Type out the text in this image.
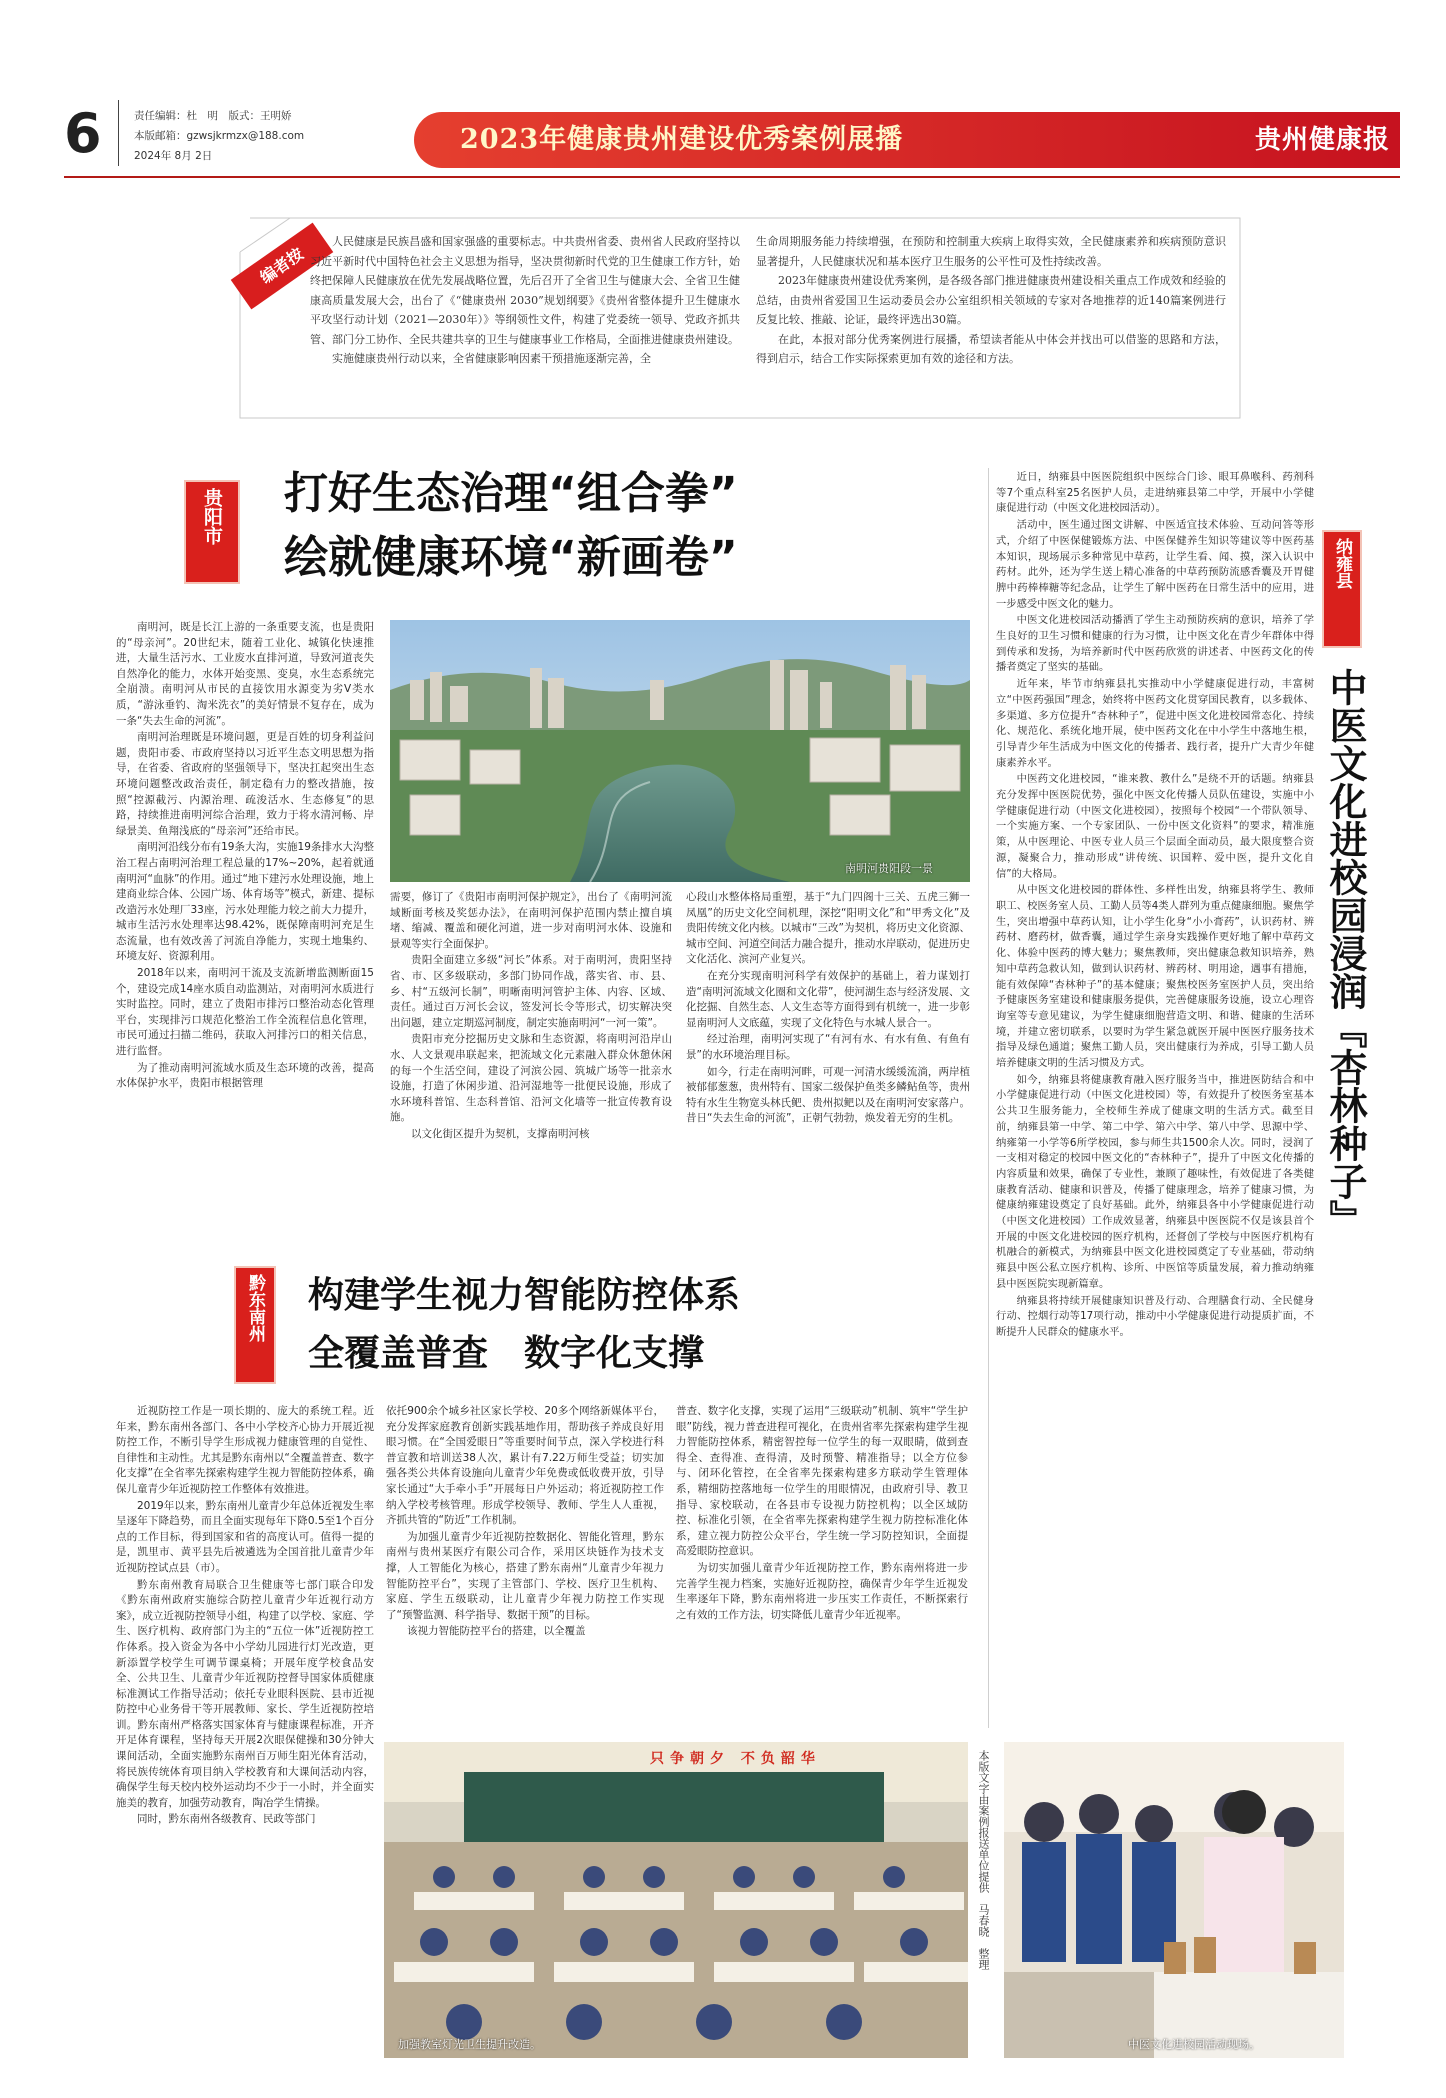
6	责任编辑：杜　明　版式：王明娇
本版邮箱：gzwsjkrmzx@188.com
2024年 8月 2日
2023年健康贵州建设优秀案例展播	贵州健康报
编者按

人民健康是民族昌盛和国家强盛的重要标志。中共贵州省委、贵州省人民政府坚持以习近平新时代中国特色社会主义思想为指导，坚决贯彻新时代党的卫生健康工作方针，始终把保障人民健康放在优先发展战略位置，先后召开了全省卫生与健康大会、全省卫生健康高质量发展大会，出台了《“健康贵州 2030”规划纲要》《贵州省整体提升卫生健康水平攻坚行动计划（2021—2030年）》等纲领性文件，构建了党委统一领导、党政齐抓共管、部门分工协作、全民共建共享的卫生与健康事业工作格局，全面推进健康贵州建设。

实施健康贵州行动以来，全省健康影响因素干预措施逐渐完善，全

生命周期服务能力持续增强，在预防和控制重大疾病上取得实效，全民健康素养和疾病预防意识显著提升，人民健康状况和基本医疗卫生服务的公平性可及性持续改善。

2023年健康贵州建设优秀案例，是各级各部门推进健康贵州建设相关重点工作成效和经验的总结，由贵州省爱国卫生运动委员会办公室组织相关领域的专家对各地推荐的近140篇案例进行反复比较、推敲、论证，最终评选出30篇。

在此，本报对部分优秀案例进行展播，希望读者能从中体会并找出可以借鉴的思路和方法，得到启示，结合工作实际探索更加有效的途径和方法。

贵阳市 打好生态治理“组合拳”
绘就健康环境“新画卷”
南明河贵阳段一景

南明河，既是长江上游的一条重要支流，也是贵阳的“母亲河”。20世纪末，随着工业化、城镇化快速推进，大量生活污水、工业废水直排河道，导致河道丧失自然净化的能力，水体开始变黑、变臭，水生态系统完全崩溃。南明河从市民的直接饮用水源变为劣Ⅴ类水质，“游泳垂钓、淘米洗衣”的美好情景不复存在，成为一条“失去生命的河流”。

南明河治理既是环境问题，更是百姓的切身利益问题，贵阳市委、市政府坚持以习近平生态文明思想为指导，在省委、省政府的坚强领导下，坚决扛起突出生态环境问题整改政治责任，制定稳有力的整改措施，按照“控源截污、内源治理、疏浚活水、生态修复”的思路，持续推进南明河综合治理，致力于将水清河畅、岸绿景美、鱼翔浅底的“母亲河”还给市民。

南明河沿线分布有19条大沟，实施19条排水大沟整治工程占南明河治理工程总量的17%~20%，起着就通南明河“血脉”的作用。通过“地下建污水处理设施，地上建商业综合体、公园广场、体育场等”模式，新建、提标改造污水处理厂33座，污水处理能力较之前大力提升，城市生活污水处理率达98.42%，既保障南明河充足生态流量，也有效改善了河流自净能力，实现土地集约、环境友好、资源利用。

2018年以来，南明河干流及支流新增监测断面15个，建设完成14座水质自动监测站，对南明河水质进行实时监控。同时，建立了贵阳市排污口整治动态化管理平台，实现排污口规范化整治工作全流程信息化管理，市民可通过扫描二维码，获取入河排污口的相关信息，进行监督。

为了推动南明河流域水质及生态环境的改善，提高水体保护水平，贵阳市根据管理

需要，修订了《贵阳市南明河保护规定》，出台了《南明河流域断面考核及奖惩办法》，在南明河保护范围内禁止擅自填堵、缩减、覆盖和硬化河道，进一步对南明河水体、设施和景观等实行全面保护。

贵阳全面建立多级“河长”体系。对于南明河，贵阳坚持省、市、区多级联动，多部门协同作战，落实省、市、县、乡、村“五级河长制”，明晰南明河管护主体、内容、区域、责任。通过百万河长会议，签发河长令等形式，切实解决突出问题，建立定期巡河制度，制定实施南明河“一河一策”。

贵阳市充分挖掘历史文脉和生态资源，将南明河沿岸山水、人文景观串联起来，把流域文化元素融入群众休憩休闲的每一个生活空间，建设了河滨公园、筑城广场等一批亲水设施，打造了休闲步道、沿河湿地等一批便民设施，形成了水环境科普馆、生态科普馆、沿河文化墙等一批宣传教育设施。

以文化街区提升为契机，支撑南明河核

心段山水整体格局重塑，基于“九门四阁十三关、五虎三狮一凤凰”的历史文化空间机理，深挖“阳明文化”和“甲秀文化”及贵阳传统文化内核。以城市“三改”为契机，将历史文化资源、城市空间、河道空间活力融合提升，推动水岸联动，促进历史文化活化、滨河产业复兴。

在充分实现南明河科学有效保护的基础上，着力谋划打造“南明河流域文化圈和文化带”，使河湖生态与经济发展、文化挖掘、自然生态、人文生态等方面得到有机统一，进一步彰显南明河人文底蕴，实现了文化特色与水城人景合一。

经过治理，南明河实现了“有河有水、有水有鱼、有鱼有景”的水环境治理目标。

如今，行走在南明河畔，可观一河清水缓缓流淌，两岸植被郁郁葱葱，贵州特有、国家二级保护鱼类多鳞鲇鱼等，贵州特有水生生物宽头林氏鲃、贵州拟鲃以及在南明河安家落户。昔日“失去生命的河流”，正朝气勃勃，焕发着无穷的生机。

黔东南州 构建学生视力智能防控体系
全覆盖普查　数字化支撑

近视防控工作是一项长期的、庞大的系统工程。近年来，黔东南州各部门、各中小学校齐心协力开展近视防控工作，不断引导学生形成视力健康管理的自觉性、自律性和主动性。尤其是黔东南州以“全覆盖普查、数字化支撑”在全省率先探索构建学生视力智能防控体系，确保儿童青少年近视防控工作整体有效推进。

2019年以来，黔东南州儿童青少年总体近视发生率呈逐年下降趋势，而且全面实现每年下降0.5至1个百分点的工作目标，得到国家和省的高度认可。值得一提的是，凯里市、黄平县先后被遴选为全国首批儿童青少年近视防控试点县（市）。

黔东南州教育局联合卫生健康等七部门联合印发《黔东南州政府实施综合防控儿童青少年近视行动方案》，成立近视防控领导小组，构建了以学校、家庭、学生、医疗机构、政府部门为主的“五位一体”近视防控工作体系。投入资金为各中小学幼儿园进行灯光改造，更新添置学校学生可调节课桌椅；开展年度学校食品安全、公共卫生、儿童青少年近视防控督导国家体质健康标准测试工作指导活动；依托专业眼科医院、县市近视防控中心业务骨干等开展教师、家长、学生近视防控培训。黔东南州严格落实国家体育与健康课程标准，开齐开足体育课程，坚持每天开展2次眼保健操和30分钟大课间活动，全面实施黔东南州百万师生阳光体育活动，将民族传统体育项目纳入学校教育和大课间活动内容，确保学生每天校内校外运动均不少于一小时，并全面实施美的教育，加强劳动教育，陶冶学生情操。

同时，黔东南州各级教育、民政等部门

依托900余个城乡社区家长学校、20多个网络新媒体平台，充分发挥家庭教育创新实践基地作用，帮助孩子养成良好用眼习惯。在“全国爱眼日”等重要时间节点，深入学校进行科普宣教和培训送38人次，累计有7.22万师生受益；切实加强各类公共体育设施向儿童青少年免费或低收费开放，引导家长通过“大手牵小手”开展每日户外运动；将近视防控工作纳入学校考核管理。形成学校领导、教师、学生人人重视，齐抓共管的“防近”工作机制。

为加强儿童青少年近视防控数据化、智能化管理，黔东南州与贵州某医疗有限公司合作，采用区块链作为技术支撑，人工智能化为核心，搭建了黔东南州“儿童青少年视力智能防控平台”，实现了主管部门、学校、医疗卫生机构、家庭、学生五级联动，让儿童青少年视力防控工作实现了“预警监测、科学指导、数据干预”的目标。

该视力智能防控平台的搭建，以全覆盖

普查、数字化支撑，实现了运用“三级联动”机制、筑牢“学生护眼”防线，视力普查进程可视化，在贵州省率先探索构建学生视力智能防控体系，精密智控每一位学生的每一双眼睛，做到查得全、查得准、查得清，及时预警、精准指导；以全方位参与、闭环化管控，在全省率先探索构建多方联动学生管理体系，精细防控落地每一位学生的用眼情况，由政府引导、教卫指导、家校联动，在各县市专设视力防控机构；以全区域防控、标准化引领，在全省率先探索构建学生视力防控标准化体系，建立视力防控公众平台，学生统一学习防控知识，全面提高爱眼防控意识。

为切实加强儿童青少年近视防控工作，黔东南州将进一步完善学生视力档案，实施好近视防控，确保青少年学生近视发生率逐年下降，黔东南州将进一步压实工作责任，不断探索行之有效的工作方法，切实降低儿童青少年近视率。

只争朝夕 不负韶华
加强教室灯光卫生提升改造。

近日，纳雍县中医医院组织中医综合门诊、眼耳鼻喉科、药剂科等7个重点科室25名医护人员，走进纳雍县第二中学，开展中小学健康促进行动（中医文化进校园活动）。

活动中，医生通过图文讲解、中医适宜技术体验、互动问答等形式，介绍了中医保健锻炼方法、中医保健养生知识等建议等中医药基本知识，现场展示多种常见中草药，让学生看、闻、摸，深入认识中药材。此外，还为学生送上精心准备的中草药预防流感香囊及开胃健脾中药棒棒糖等纪念品，让学生了解中医药在日常生活中的应用，进一步感受中医文化的魅力。

中医文化进校园活动播洒了学生主动预防疾病的意识，培养了学生良好的卫生习惯和健康的行为习惯，让中医文化在青少年群体中得到传承和发扬，为培养新时代中医药欣赏的讲述者、中医药文化的传播者奠定了坚实的基础。

近年来，毕节市纳雍县扎实推动中小学健康促进行动，丰富树立“中医药强国”理念，始终将中医药文化贯穿国民教育，以多载体、多渠道、多方位提升“杏林种子”，促进中医文化进校园常态化、持续化、规范化、系统化地开展，使中医药文化在中小学生中落地生根，引导青少年生活成为中医文化的传播者、践行者，提升广大青少年健康素养水平。

中医药文化进校园，“谁来教、教什么”是绕不开的话题。纳雍县充分发挥中医医院优势，强化中医文化传播人员队伍建设，实施中小学健康促进行动（中医文化进校园），按照每个校园“一个带队领导、一个实施方案、一个专家团队、一份中医文化资料”的要求，精准施策，从中医理论、中医专业人员三个层面全面动员，最大限度整合资源，凝聚合力，推动形成“讲传统、识国粹、爱中医，提升文化自信”的大格局。

从中医文化进校园的群体性、多样性出发，纳雍县将学生、教师职工、校医务室人员、工勤人员等4类人群列为重点健康细胞。聚焦学生，突出增强中草药认知，让小学生化身“小小膏药”，认识药材、辨药材、磨药材，做香囊，通过学生亲身实践操作更好地了解中草药文化、体验中医药的博大魅力；聚焦教师，突出健康急救知识培养，熟知中草药急救认知，做到认识药材、辨药材、明用途，遇事有措施，能有效保障“杏林种子”的基本健康；聚焦校医务室医护人员，突出给予健康医务室建设和健康服务提供，完善健康服务设施，设立心理咨询室等专意见建议，为学生健康细胞营造文明、和谐、健康的生活环境，并建立密切联系，以要时为学生紧急就医开展中医医疗服务技术指导及绿色通道；聚焦工勤人员，突出健康行为养成，引导工勤人员培养健康文明的生活习惯及方式。

如今，纳雍县将健康教育融入医疗服务当中，推进医防结合和中小学健康促进行动（中医文化进校园）等，有效提升了校医务室基本公共卫生服务能力，全校师生养成了健康文明的生活方式。截至目前，纳雍县第一中学、第二中学、第六中学、第八中学、思源中学、纳雍第一小学等6所学校园，参与师生共1500余人次。同时，浸润了一支相对稳定的校园中医文化的“杏林种子”，提升了中医文化传播的内容质量和效果，确保了专业性，兼顾了趣味性，有效促进了各类健康教育活动、健康和识普及，传播了健康理念，培养了健康习惯，为健康纳雍建设奠定了良好基础。此外，纳雍县各中小学健康促进行动（中医文化进校园）工作成效显著，纳雍县中医医院不仅是该县首个开展的中医文化进校园的医疗机构，还督创了学校与中医医疗机构有机融合的新模式，为纳雍县中医文化进校园奠定了专业基础，带动纳雍县中医公私立医疗机构、诊所、中医馆等质量发展，着力推动纳雍县中医医院实现新篇章。

纳雍县将持续开展健康知识普及行动、合理膳食行动、全民健身行动、控烟行动等17项行动，推动中小学健康促进行动提质扩面，不断提升人民群众的健康水平。

纳雍县
中医文化进校园浸润『杏林种子』
本版文字由案例报送单位提供　马春晓　整理
中医文化进校园活动现场。
